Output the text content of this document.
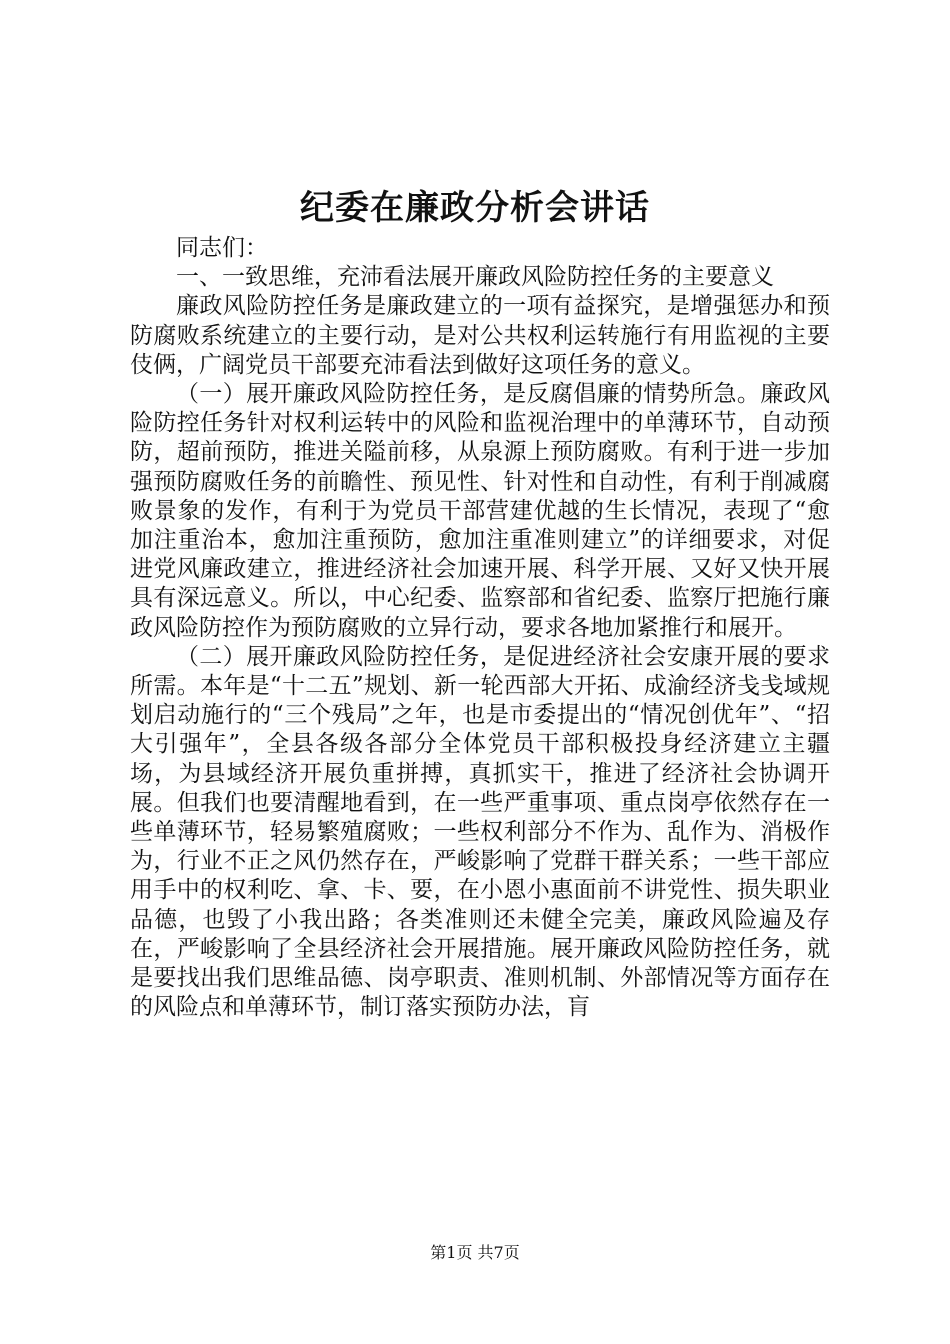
纪委在廉政分析会讲话

同志们：

一、一致思维，充沛看法展开廉政风险防控任务的主要意义

廉政风险防控任务是廉政建立的一项有益探究，是增强惩办和预防腐败系统建立的主要行动，是对公共权利运转施行有用监视的主要伎俩，广阔党员干部要充沛看法到做好这项任务的意义。

（一）展开廉政风险防控任务，是反腐倡廉的情势所急。廉政风险防控任务针对权利运转中的风险和监视治理中的单薄环节，自动预防，超前预防，推进关隘前移，从泉源上预防腐败。有利于进一步加强预防腐败任务的前瞻性、预见性、针对性和自动性，有利于削减腐败景象的发作，有利于为党员干部营建优越的生长情况，表现了“愈加注重治本，愈加注重预防，愈加注重准则建立”的详细要求，对促进党风廉政建立，推进经济社会加速开展、科学开展、又好又快开展具有深远意义。所以，中心纪委、监察部和省纪委、监察厅把施行廉政风险防控作为预防腐败的立异行动，要求各地加紧推行和展开。

（二）展开廉政风险防控任务，是促进经济社会安康开展的要求所需。本年是“十二五”规划、新一轮西部大开拓、成渝经济戋戋域规划启动施行的“三个残局”之年，也是市委提出的“情况创优年”、“招大引强年”，全县各级各部分全体党员干部积极投身经济建立主疆场，为县域经济开展负重拼搏，真抓实干，推进了经济社会协调开展。但我们也要清醒地看到，在一些严重事项、重点岗亭依然存在一些单薄环节，轻易繁殖腐败；一些权利部分不作为、乱作为、消极作为，行业不正之风仍然存在，严峻影响了党群干群关系；一些干部应用手中的权利吃、拿、卡、要，在小恩小惠面前不讲党性、损失职业品德，也毁了小我出路；各类准则还未健全完美，廉政风险遍及存在，严峻影响了全县经济社会开展措施。展开廉政风险防控任务，就是要找出我们思维品德、岗亭职责、准则机制、外部情况等方面存在的风险点和单薄环节，制订落实预防办法，肓

第1页 共7页
